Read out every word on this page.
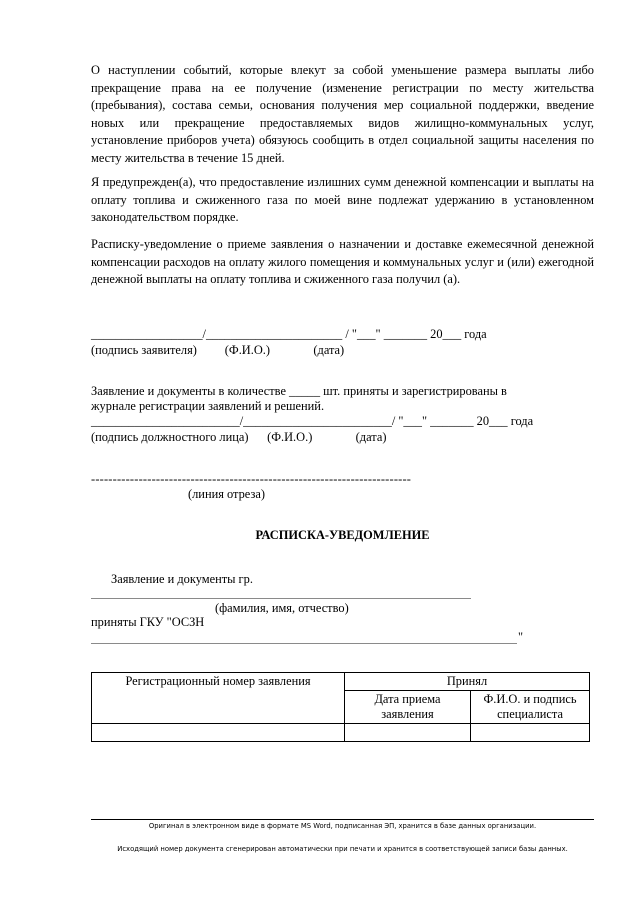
О наступлении событий, которые влекут за собой уменьшение размера выплаты либо прекращение права на ее получение (изменение регистрации по месту жительства (пребывания), состава семьи, основания получения мер социальной поддержки, введение новых или прекращение предоставляемых видов жилищно-коммунальных услуг, установление приборов учета) обязуюсь сообщить в отдел социальной защиты населения по месту жительства в течение 15 дней.

Я предупрежден(а), что предоставление излишних сумм денежной компенсации и выплаты на оплату топлива и сжиженного газа по моей вине подлежат удержанию в установленном законодательством порядке.

Расписку-уведомление о приеме заявления о назначении и доставке ежемесячной денежной компенсации расходов на оплату жилого помещения и коммунальных услуг и (или) ежегодной денежной выплаты на оплату топлива и сжиженного газа получил (а).

__________________/______________________ / "___" _______ 20___ года

(подпись заявителя)         (Ф.И.О.)              (дата)

Заявление и документы в количестве _____ шт. приняты и зарегистрированы в

журнале регистрации заявлений и решений.

________________________/________________________/ "___" _______ 20___ года

(подпись должностного лица)      (Ф.И.О.)              (дата)

--------------------------------------------------------------------------

(линия отреза)

РАСПИСКА-УВЕДОМЛЕНИЕ

Заявление и документы гр.

(фамилия, имя, отчество)

приняты ГКУ "ОСЗН

"

Регистрационный номер заявления	Принял	
	Дата приема заявления	Ф.И.О. и подпись специалиста

Оригинал в электронном виде в формате MS Word, подписанная ЭП, хранится в базе данных организации.

Исходящий номер документа сгенерирован автоматически при печати и хранится в соответствующей записи базы данных.
